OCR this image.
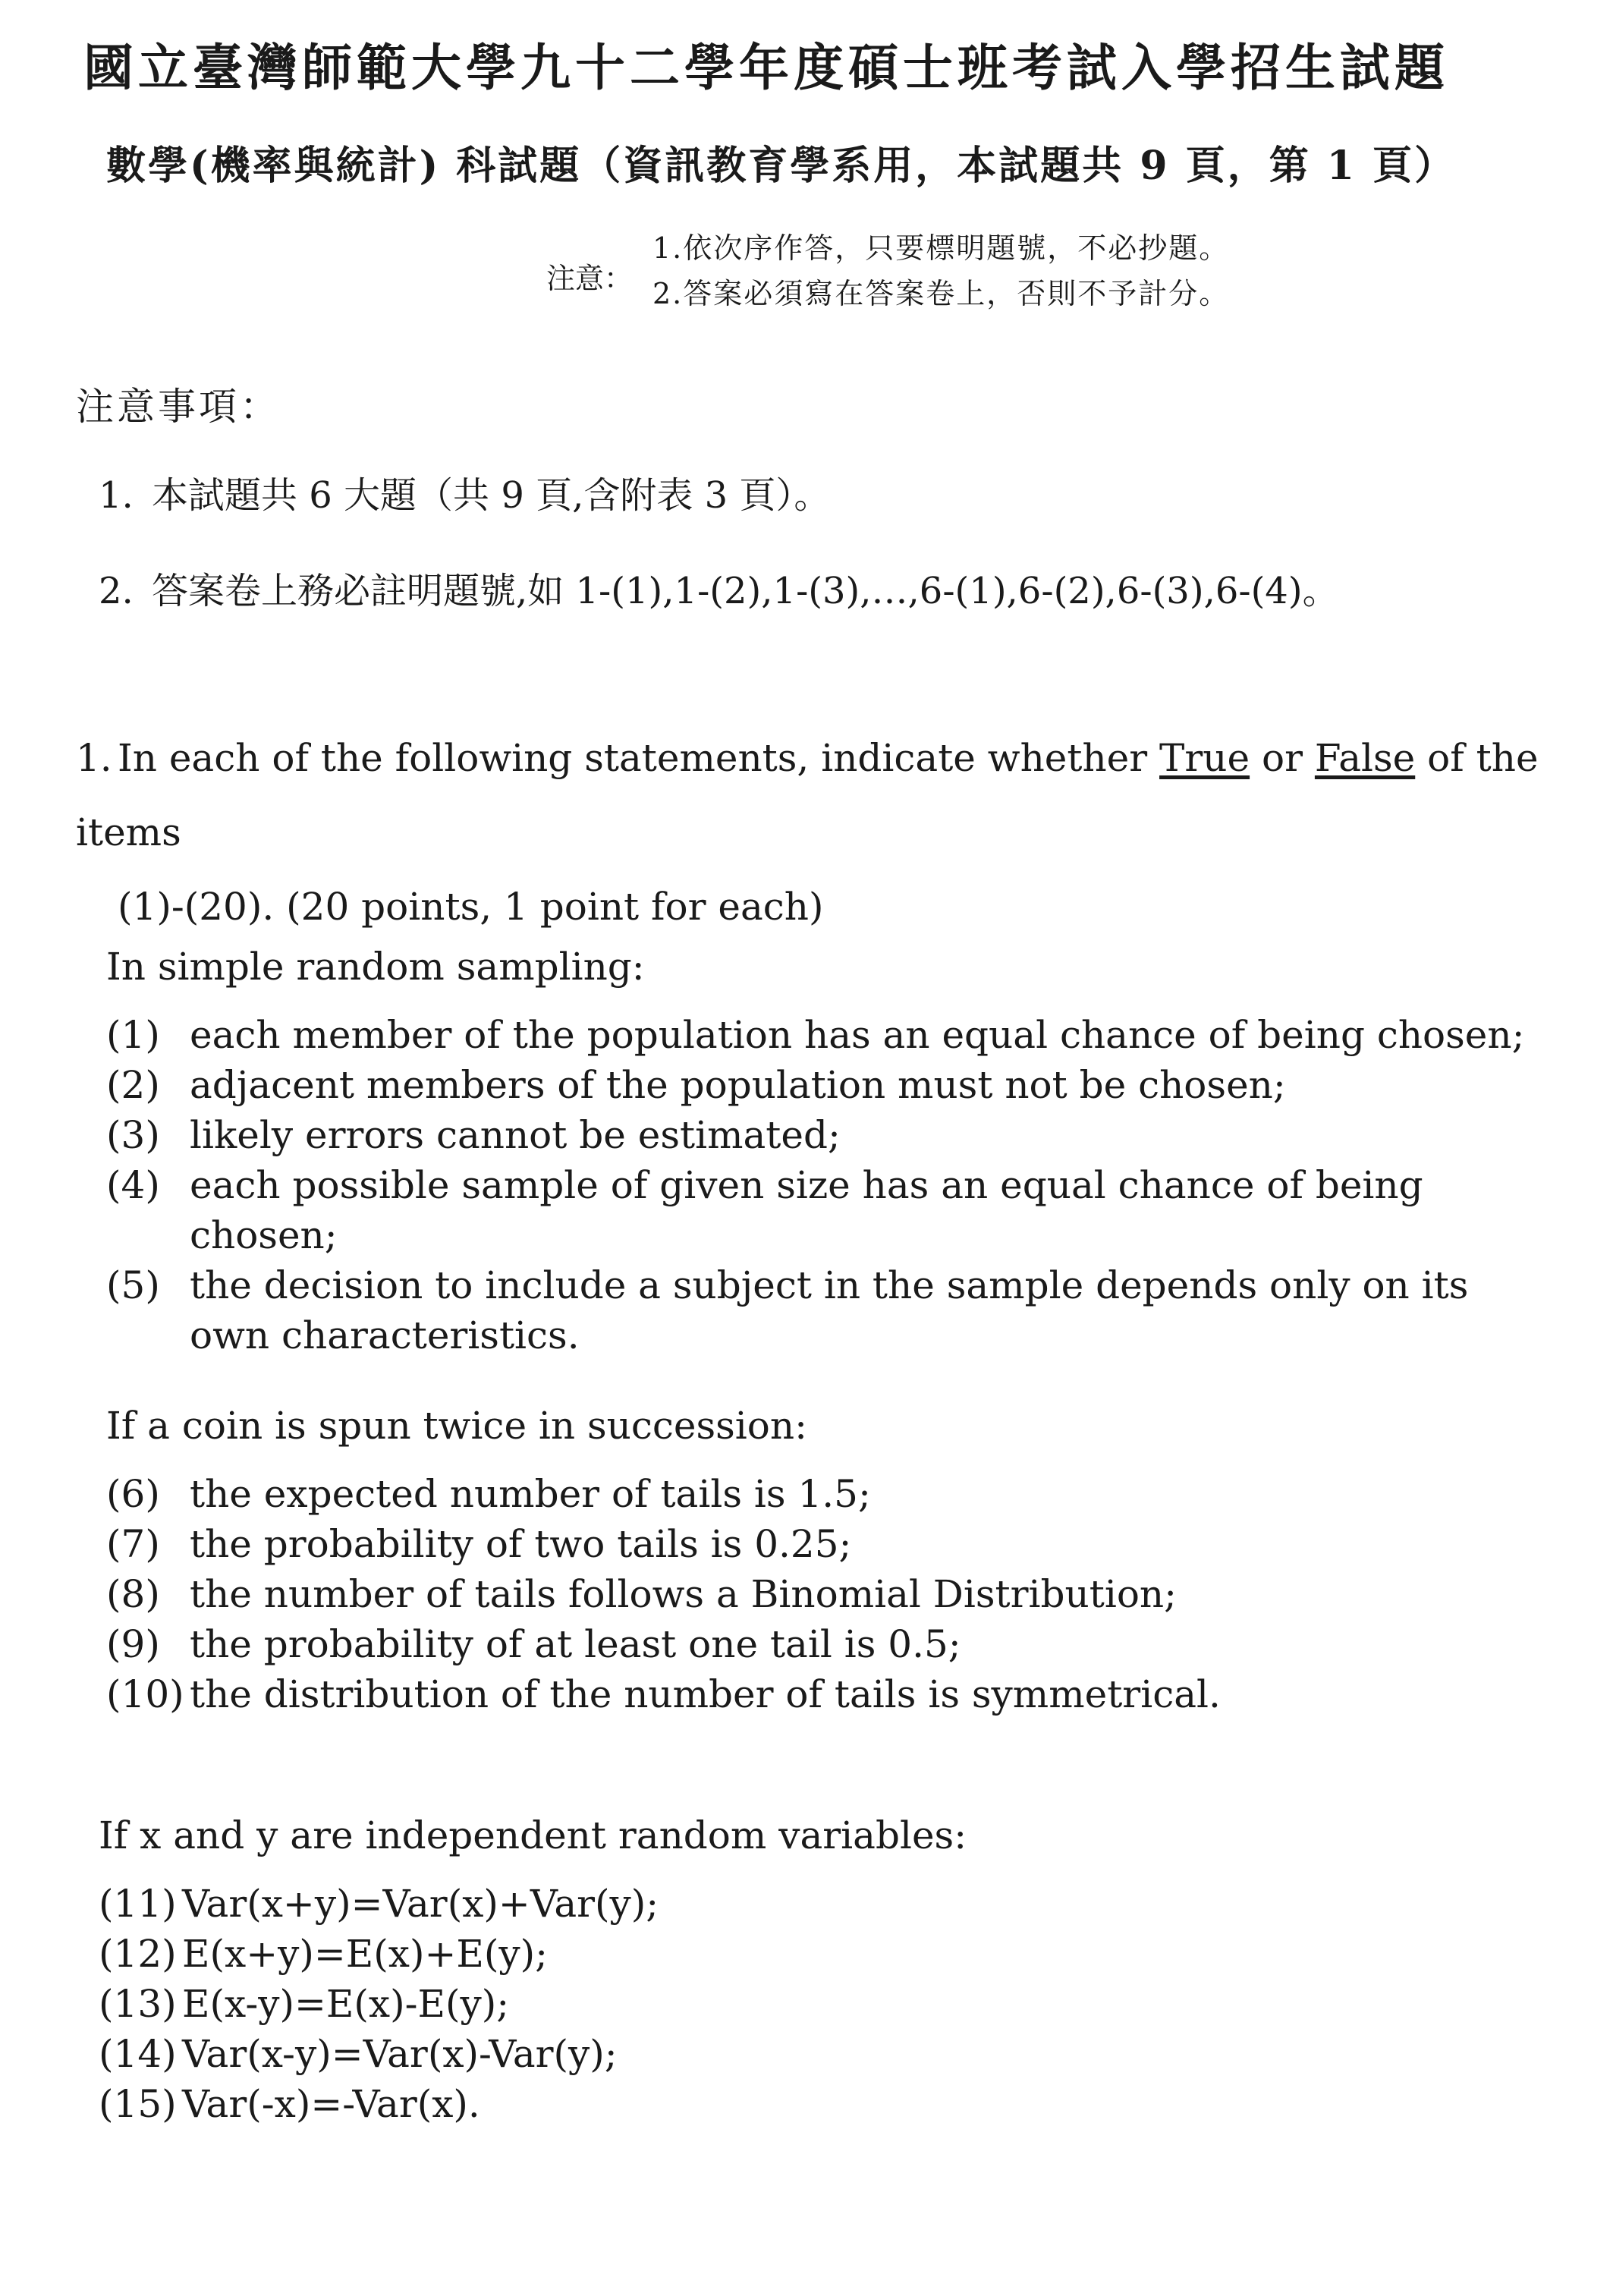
國立臺灣師範大學九十二學年度碩士班考試入學招生試題
數學(機率與統計) 科試題（資訊教育學系用，本試題共 9 頁，第 1 頁）
注意：
1.依次序作答，只要標明題號，不必抄題。
2.答案必須寫在答案卷上，否則不予計分。
注意事項：
1. 本試題共 6 大題（共 9 頁,含附表 3 頁）。
2. 答案卷上務必註明題號,如 1-(1),1-(2),1-(3),…,6-(1),6-(2),6-(3),6-(4)。
1. In each of the following statements, indicate whether True or False of the items
(1)-(20). (20 points, 1 point for each)
In simple random sampling:
(1) each member of the population has an equal chance of being chosen;
(2) adjacent members of the population must not be chosen;
(3) likely errors cannot be estimated;
(4) each possible sample of given size has an equal chance of being chosen;
(5) the decision to include a subject in the sample depends only on its own characteristics.
If a coin is spun twice in succession:
(6) the expected number of tails is 1.5;
(7) the probability of two tails is 0.25;
(8) the number of tails follows a Binomial Distribution;
(9) the probability of at least one tail is 0.5;
(10) the distribution of the number of tails is symmetrical.
If x and y are independent random variables:
(11) Var(x+y)=Var(x)+Var(y);
(12) E(x+y)=E(x)+E(y);
(13) E(x-y)=E(x)-E(y);
(14) Var(x-y)=Var(x)-Var(y);
(15) Var(-x)=-Var(x).
